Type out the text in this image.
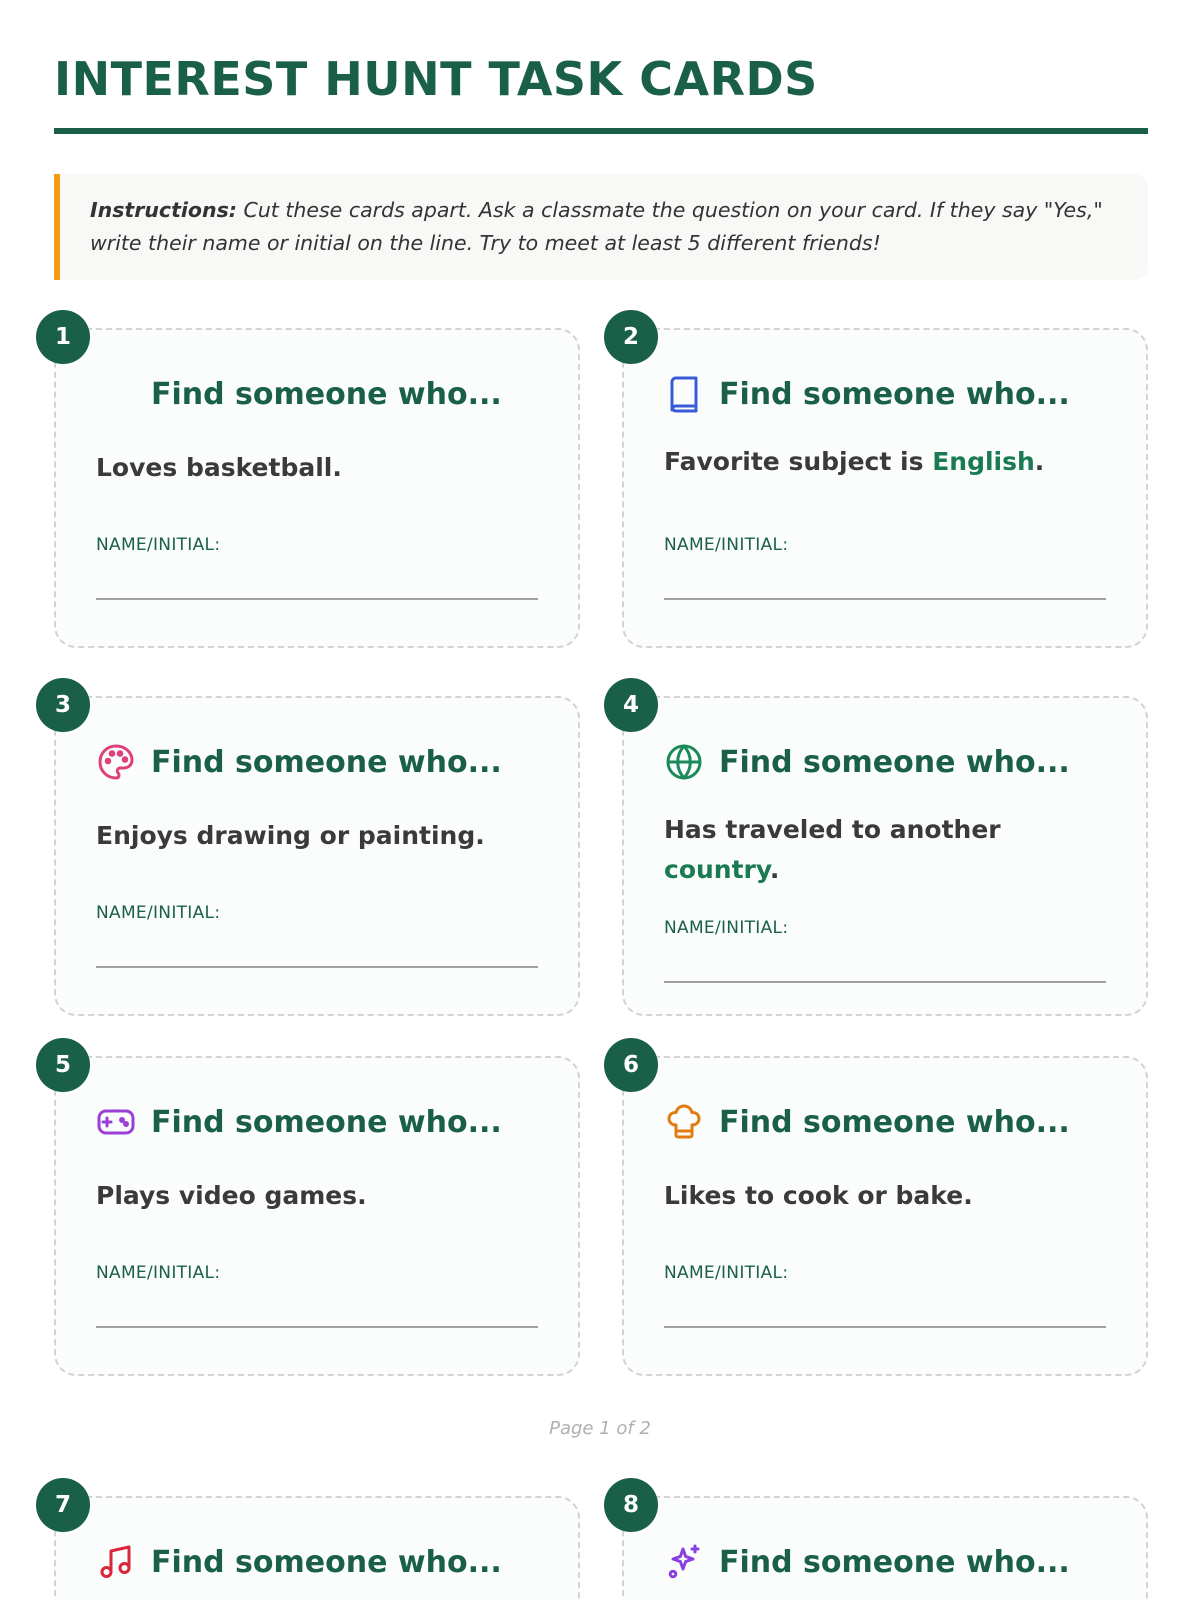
INTEREST HUNT TASK CARDS
Instructions: Cut these cards apart. Ask a classmate the question on your card. If they say "Yes," write their name or initial on the line. Try to meet at least 5 different friends!
1
Find someone who...
Loves basketball.
NAME/INITIAL:
2
Find someone who...
Favorite subject is English.
NAME/INITIAL:
3
Find someone who...
Enjoys drawing or painting.
NAME/INITIAL:
4
Find someone who...
Has traveled to another country.
NAME/INITIAL:
5
Find someone who...
Plays video games.
NAME/INITIAL:
6
Find someone who...
Likes to cook or bake.
NAME/INITIAL:
Page 1 of 2
7
Find someone who...
8
Find someone who...
